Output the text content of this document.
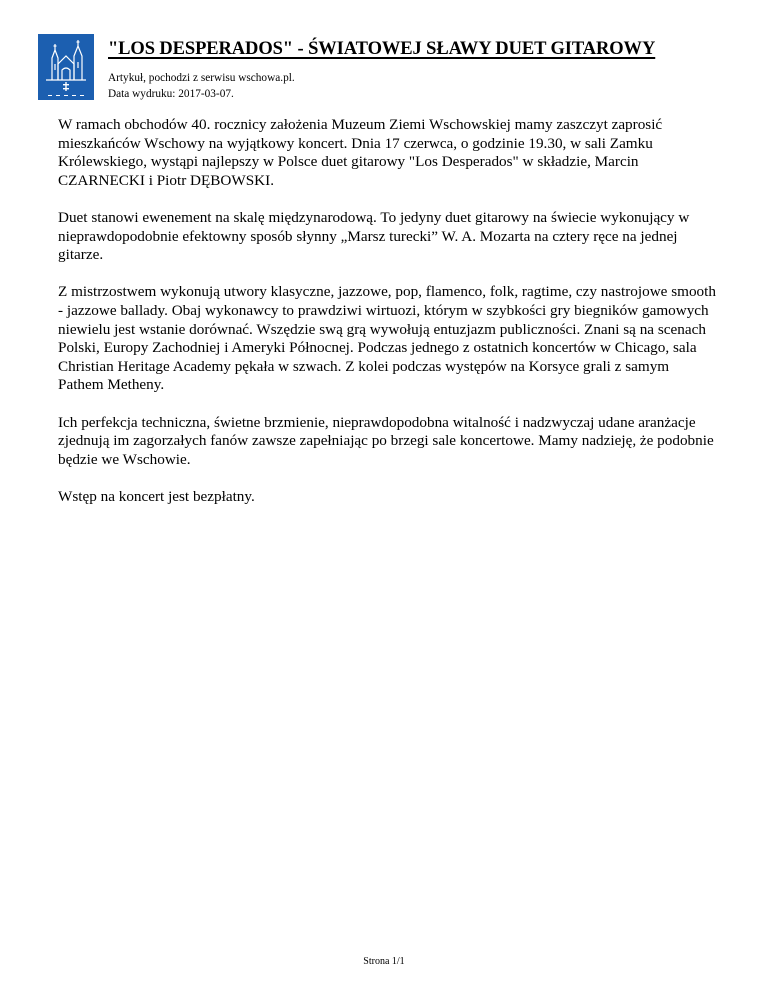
"LOS DESPERADOS" - ŚWIATOWEJ SŁAWY DUET GITAROWY
Artykuł, pochodzi z serwisu wschowa.pl.
Data wydruku: 2017-03-07.

W ramach obchodów 40. rocznicy założenia Muzeum Ziemi Wschowskiej mamy zaszczyt zaprosić mieszkańców Wschowy na wyjątkowy koncert. Dnia 17 czerwca, o godzinie 19.30, w sali Zamku Królewskiego, wystąpi najlepszy w Polsce duet gitarowy "Los Desperados" w składzie, Marcin CZARNECKI i Piotr DĘBOWSKI.

Duet stanowi ewenement na skalę międzynarodową. To jedyny duet gitarowy na świecie wykonujący w nieprawdopodobnie efektowny sposób słynny „Marsz turecki” W. A. Mozarta na cztery ręce na jednej gitarze.

Z mistrzostwem wykonują utwory klasyczne, jazzowe, pop, flamenco, folk, ragtime, czy nastrojowe smooth - jazzowe ballady. Obaj wykonawcy to prawdziwi wirtuozi, którym w szybkości gry biegników gamowych niewielu jest wstanie dorównać. Wszędzie swą grą wywołują entuzjazm publiczności. Znani są na scenach Polski, Europy Zachodniej i Ameryki Północnej. Podczas jednego z ostatnich koncertów w Chicago, sala Christian Heritage Academy pękała w szwach. Z kolei podczas występów na Korsyce grali z samym Pathem Metheny.

Ich perfekcja techniczna, świetne brzmienie, nieprawdopodobna witalność i nadzwyczaj udane aranżacje zjednują im zagorzałych fanów zawsze zapełniając po brzegi sale koncertowe. Mamy nadzieję, że podobnie będzie we Wschowie.

Wstęp na koncert jest bezpłatny.

Strona 1/1
